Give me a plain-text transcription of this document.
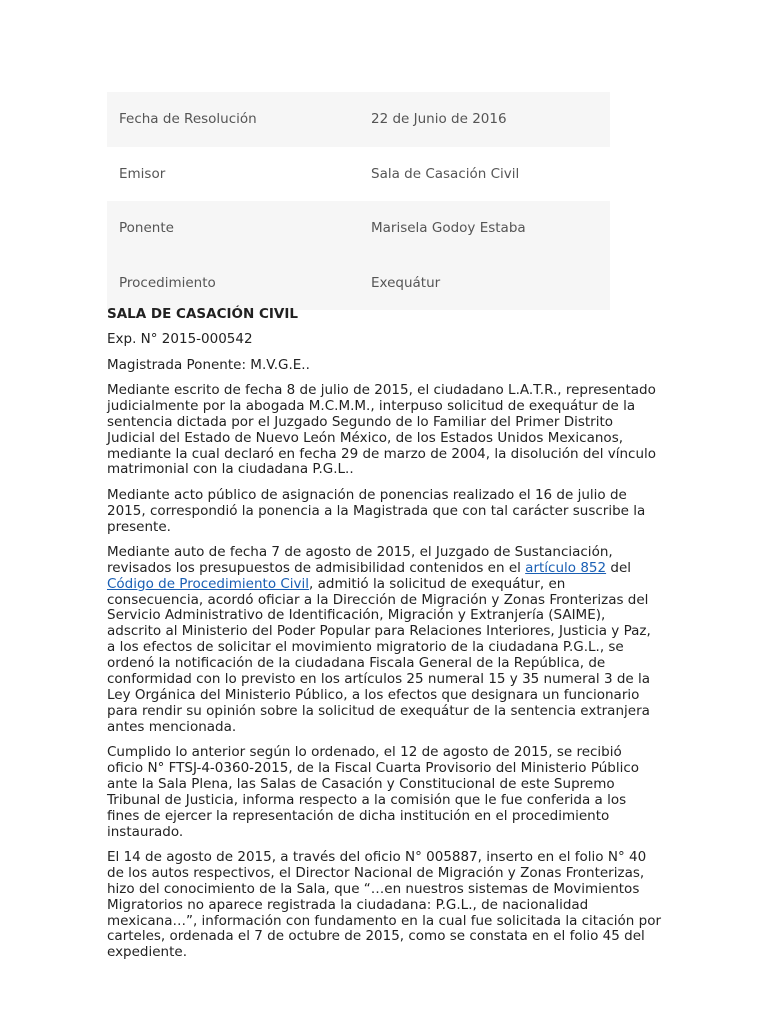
Fecha de Resolución	22 de Junio de 2016
Emisor	Sala de Casación Civil
Ponente	Marisela Godoy Estaba
Procedimiento	Exequátur

SALA DE CASACIÓN CIVIL

Exp. N° 2015-000542

Magistrada Ponente: M.V.G.E..

Mediante escrito de fecha 8 de julio de 2015, el ciudadano L.A.T.R., representado judicialmente por la abogada M.C.M.M., interpuso solicitud de exequátur de la sentencia dictada por el Juzgado Segundo de lo Familiar del Primer Distrito Judicial del Estado de Nuevo León México, de los Estados Unidos Mexicanos, mediante la cual declaró en fecha 29 de marzo de 2004, la disolución del vínculo matrimonial con la ciudadana P.G.L..

Mediante acto público de asignación de ponencias realizado el 16 de julio de 2015, correspondió la ponencia a la Magistrada que con tal carácter suscribe la presente.

Mediante auto de fecha 7 de agosto de 2015, el Juzgado de Sustanciación, revisados los presupuestos de admisibilidad contenidos en el artículo 852 del Código de Procedimiento Civil, admitió la solicitud de exequátur, en consecuencia, acordó oficiar a la Dirección de Migración y Zonas Fronterizas del Servicio Administrativo de Identificación, Migración y Extranjería (SAIME), adscrito al Ministerio del Poder Popular para Relaciones Interiores, Justicia y Paz, a los efectos de solicitar el movimiento migratorio de la ciudadana P.G.L., se ordenó la notificación de la ciudadana Fiscala General de la República, de conformidad con lo previsto en los artículos 25 numeral 15 y 35 numeral 3 de la Ley Orgánica del Ministerio Público, a los efectos que designara un funcionario para rendir su opinión sobre la solicitud de exequátur de la sentencia extranjera antes mencionada.

Cumplido lo anterior según lo ordenado, el 12 de agosto de 2015, se recibió oficio N° FTSJ-4-0360-2015, de la Fiscal Cuarta Provisorio del Ministerio Público ante la Sala Plena, las Salas de Casación y Constitucional de este Supremo Tribunal de Justicia, informa respecto a la comisión que le fue conferida a los fines de ejercer la representación de dicha institución en el procedimiento instaurado.

El 14 de agosto de 2015, a través del oficio N° 005887, inserto en el folio N° 40 de los autos respectivos, el Director Nacional de Migración y Zonas Fronterizas, hizo del conocimiento de la Sala, que “…en nuestros sistemas de Movimientos Migratorios no aparece registrada la ciudadana: P.G.L., de nacionalidad mexicana…”, información con fundamento en la cual fue solicitada la citación por carteles, ordenada el 7 de octubre de 2015, como se constata en el folio 45 del expediente.
